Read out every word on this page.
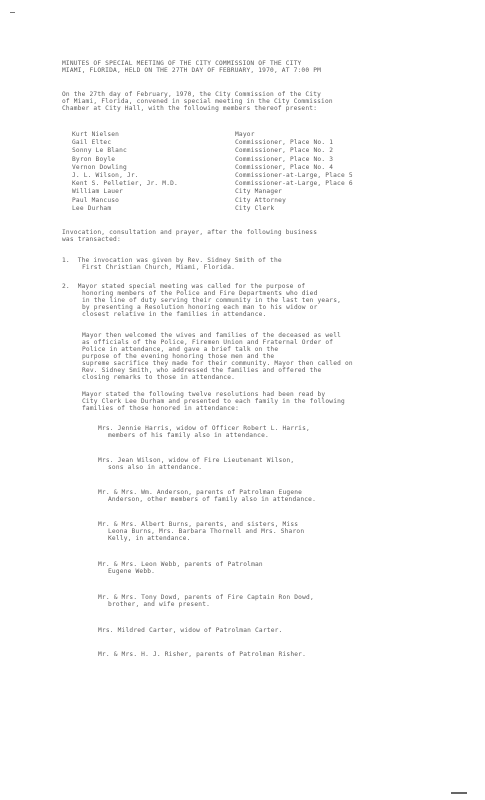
MINUTES OF SPECIAL MEETING OF THE CITY COMMISSION OF THE CITY
MIAMI, FLORIDA, HELD ON THE 27TH DAY OF FEBRUARY, 1970, AT 7:00 PM
On the 27th day of February, 1970, the City Commission of the City
of Miami, Florida, convened in special meeting in the City Commission
Chamber at City Hall, with the following members thereof present:
Kurt Nielsen	Mayor
Gail Eltec	Commissioner, Place No. 1
Sonny Le Blanc	Commissioner, Place No. 2
Byron Boyle	Commissioner, Place No. 3
Vernon Dowling	Commissioner, Place No. 4
J. L. Wilson, Jr.	Commissioner-at-Large, Place 5
Kent S. Pelletier, Jr. M.D.	Commissioner-at-Large, Place 6
William Lauer	City Manager
Paul Mancuso	City Attorney
Lee Durham	City Clerk
Invocation, consultation and prayer, after the following business
was transacted:
1.  The invocation was given by Rev. Sidney Smith of the
First Christian Church, Miami, Florida.
2.  Mayor stated special meeting was called for the purpose of
honoring members of the Police and Fire Departments who died
in the line of duty serving their community in the last ten years,
by presenting a Resolution honoring each man to his widow or
closest relative in the families in attendance.
Mayor then welcomed the wives and families of the deceased as well
as officials of the Police, Firemen Union and Fraternal Order of
Police in attendance, and gave a brief talk on the
purpose of the evening honoring those men and the
supreme sacrifice they made for their community. Mayor then called on
Rev. Sidney Smith, who addressed the families and offered the
closing remarks to those in attendance.
Mayor stated the following twelve resolutions had been read by
City Clerk Lee Durham and presented to each family in the following
families of those honored in attendance:
Mrs. Jennie Harris, widow of Officer Robert L. Harris,
members of his family also in attendance.
Mrs. Jean Wilson, widow of Fire Lieutenant Wilson,
sons also in attendance.
Mr. & Mrs. Wm. Anderson, parents of Patrolman Eugene
Anderson, other members of family also in attendance.
Mr. & Mrs. Albert Burns, parents, and sisters, Miss
Leona Burns, Mrs. Barbara Thornell and Mrs. Sharon
Kelly, in attendance.
Mr. & Mrs. Leon Webb, parents of Patrolman
Eugene Webb.
Mr. & Mrs. Tony Dowd, parents of Fire Captain Ron Dowd,
brother, and wife present.
Mrs. Mildred Carter, widow of Patrolman Carter.
Mr. & Mrs. H. J. Risher, parents of Patrolman Risher.
